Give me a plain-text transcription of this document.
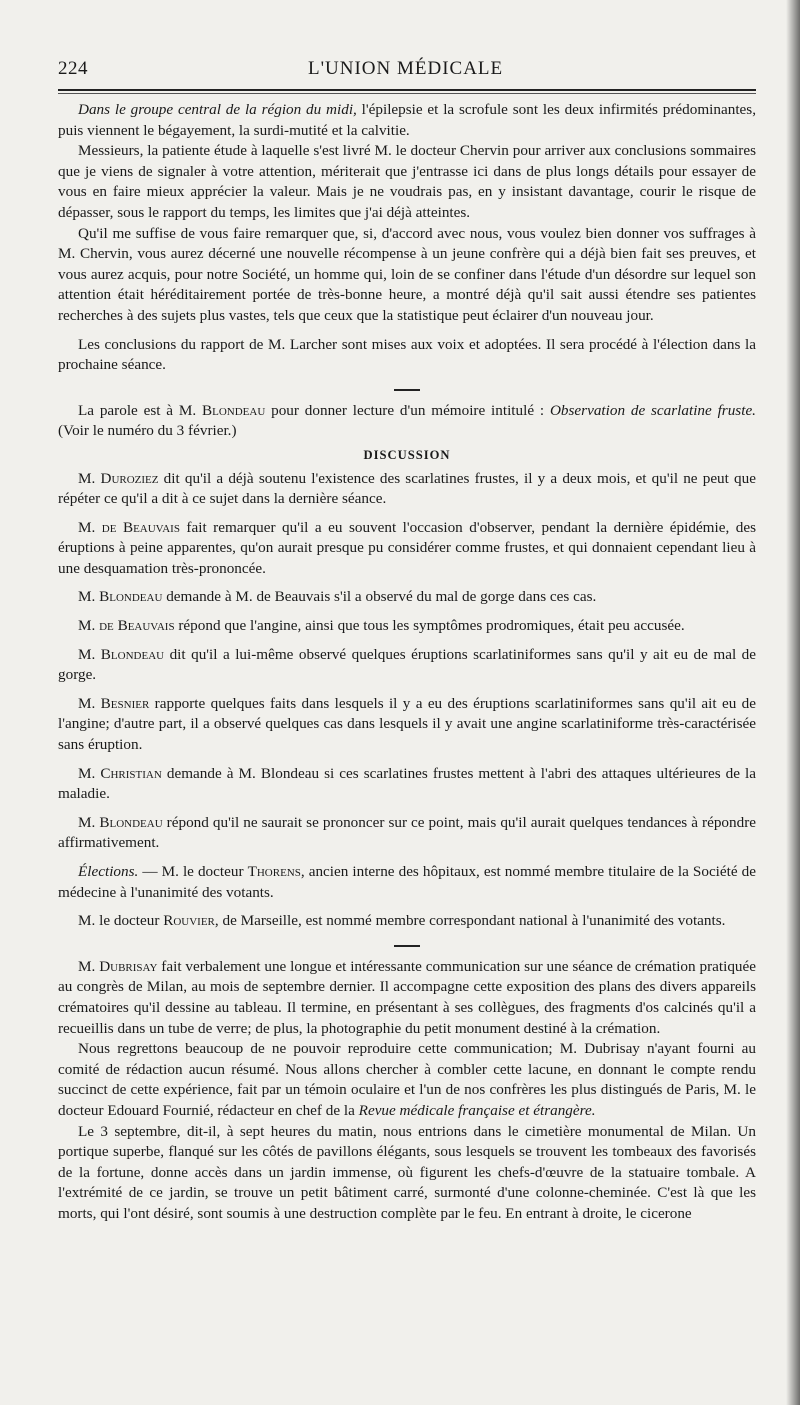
224	L'UNION MÉDICALE

Dans le groupe central de la région du midi, l'épilepsie et la scrofule sont les deux infirmités prédominantes, puis viennent le bégayement, la surdi-mutité et la calvitie.

Messieurs, la patiente étude à laquelle s'est livré M. le docteur Chervin pour arriver aux conclusions sommaires que je viens de signaler à votre attention, mériterait que j'entrasse ici dans de plus longs détails pour essayer de vous en faire mieux apprécier la valeur. Mais je ne voudrais pas, en y insistant davantage, courir le risque de dépasser, sous le rapport du temps, les limites que j'ai déjà atteintes.

Qu'il me suffise de vous faire remarquer que, si, d'accord avec nous, vous voulez bien donner vos suffrages à M. Chervin, vous aurez décerné une nouvelle récompense à un jeune confrère qui a déjà bien fait ses preuves, et vous aurez acquis, pour notre Société, un homme qui, loin de se confiner dans l'étude d'un désordre sur lequel son attention était héréditairement portée de très-bonne heure, a montré déjà qu'il sait aussi étendre ses patientes recherches à des sujets plus vastes, tels que ceux que la statistique peut éclairer d'un nouveau jour.

Les conclusions du rapport de M. Larcher sont mises aux voix et adoptées. Il sera procédé à l'élection dans la prochaine séance.

La parole est à M. Blondeau pour donner lecture d'un mémoire intitulé : Observation de scarlatine fruste. (Voir le numéro du 3 février.)

DISCUSSION

M. Duroziez dit qu'il a déjà soutenu l'existence des scarlatines frustes, il y a deux mois, et qu'il ne peut que répéter ce qu'il a dit à ce sujet dans la dernière séance.

M. de Beauvais fait remarquer qu'il a eu souvent l'occasion d'observer, pendant la dernière épidémie, des éruptions à peine apparentes, qu'on aurait presque pu considérer comme frustes, et qui donnaient cependant lieu à une desquamation très-prononcée.

M. Blondeau demande à M. de Beauvais s'il a observé du mal de gorge dans ces cas.

M. de Beauvais répond que l'angine, ainsi que tous les symptômes prodromiques, était peu accusée.

M. Blondeau dit qu'il a lui-même observé quelques éruptions scarlatiniformes sans qu'il y ait eu de mal de gorge.

M. Besnier rapporte quelques faits dans lesquels il y a eu des éruptions scarlatiniformes sans qu'il ait eu de l'angine; d'autre part, il a observé quelques cas dans lesquels il y avait une angine scarlatiniforme très-caractérisée sans éruption.

M. Christian demande à M. Blondeau si ces scarlatines frustes mettent à l'abri des attaques ultérieures de la maladie.

M. Blondeau répond qu'il ne saurait se prononcer sur ce point, mais qu'il aurait quelques tendances à répondre affirmativement.

Élections. — M. le docteur Thorens, ancien interne des hôpitaux, est nommé membre titulaire de la Société de médecine à l'unanimité des votants.

M. le docteur Rouvier, de Marseille, est nommé membre correspondant national à l'unanimité des votants.

M. Dubrisay fait verbalement une longue et intéressante communication sur une séance de crémation pratiquée au congrès de Milan, au mois de septembre dernier. Il accompagne cette exposition des plans des divers appareils crématoires qu'il dessine au tableau. Il termine, en présentant à ses collègues, des fragments d'os calcinés qu'il a recueillis dans un tube de verre; de plus, la photographie du petit monument destiné à la crémation.

Nous regrettons beaucoup de ne pouvoir reproduire cette communication; M. Dubrisay n'ayant fourni au comité de rédaction aucun résumé. Nous allons chercher à combler cette lacune, en donnant le compte rendu succinct de cette expérience, fait par un témoin oculaire et l'un de nos confrères les plus distingués de Paris, M. le docteur Edouard Fournié, rédacteur en chef de la Revue médicale française et étrangère.

Le 3 septembre, dit-il, à sept heures du matin, nous entrions dans le cimetière monumental de Milan. Un portique superbe, flanqué sur les côtés de pavillons élégants, sous lesquels se trouvent les tombeaux des favorisés de la fortune, donne accès dans un jardin immense, où figurent les chefs-d'œuvre de la statuaire tombale. A l'extrémité de ce jardin, se trouve un petit bâtiment carré, surmonté d'une colonne-cheminée. C'est là que les morts, qui l'ont désiré, sont soumis à une destruction complète par le feu. En entrant à droite, le cicerone
